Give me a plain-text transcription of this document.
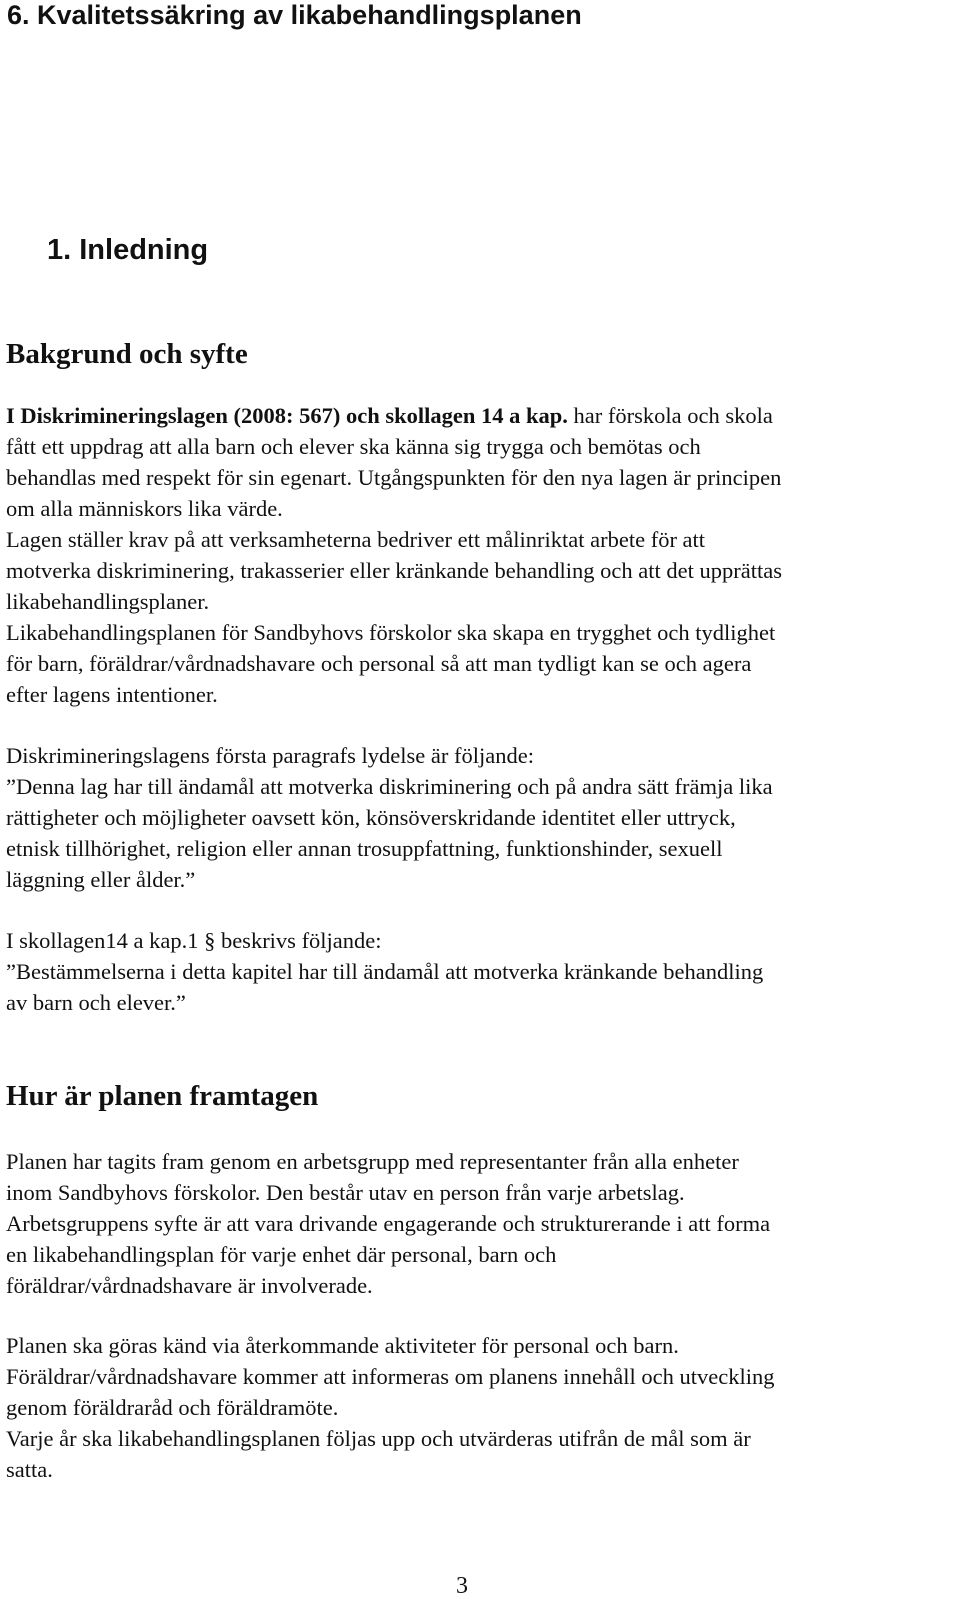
6. Kvalitetssäkring av likabehandlingsplanen
1. Inledning
Bakgrund och syfte
I Diskrimineringslagen (2008: 567) och skollagen 14 a kap. har förskola och skola
fått ett uppdrag att alla barn och elever ska känna sig trygga och bemötas och
behandlas med respekt för sin egenart. Utgångspunkten för den nya lagen är principen
om alla människors lika värde.
Lagen ställer krav på att verksamheterna bedriver ett målinriktat arbete för att
motverka diskriminering, trakasserier eller kränkande behandling och att det upprättas
likabehandlingsplaner.
Likabehandlingsplanen för Sandbyhovs förskolor ska skapa en trygghet och tydlighet
för barn, föräldrar/vårdnadshavare och personal så att man tydligt kan se och agera
efter lagens intentioner.
Diskrimineringslagens första paragrafs lydelse är följande:
”Denna lag har till ändamål att motverka diskriminering och på andra sätt främja lika
rättigheter och möjligheter oavsett kön, könsöverskridande identitet eller uttryck,
etnisk tillhörighet, religion eller annan trosuppfattning, funktionshinder, sexuell
läggning eller ålder.”
I skollagen14 a kap.1 § beskrivs följande:
”Bestämmelserna i detta kapitel har till ändamål att motverka kränkande behandling
av barn och elever.”
Hur är planen framtagen
Planen har tagits fram genom en arbetsgrupp med representanter från alla enheter
inom Sandbyhovs förskolor. Den består utav en person från varje arbetslag.
Arbetsgruppens syfte är att vara drivande engagerande och strukturerande i att forma
en likabehandlingsplan för varje enhet där personal, barn och
föräldrar/vårdnadshavare är involverade.
Planen ska göras känd via återkommande aktiviteter för personal och barn.
Föräldrar/vårdnadshavare kommer att informeras om planens innehåll och utveckling
genom föräldraråd och föräldramöte.
Varje år ska likabehandlingsplanen följas upp och utvärderas utifrån de mål som är
satta.
3
